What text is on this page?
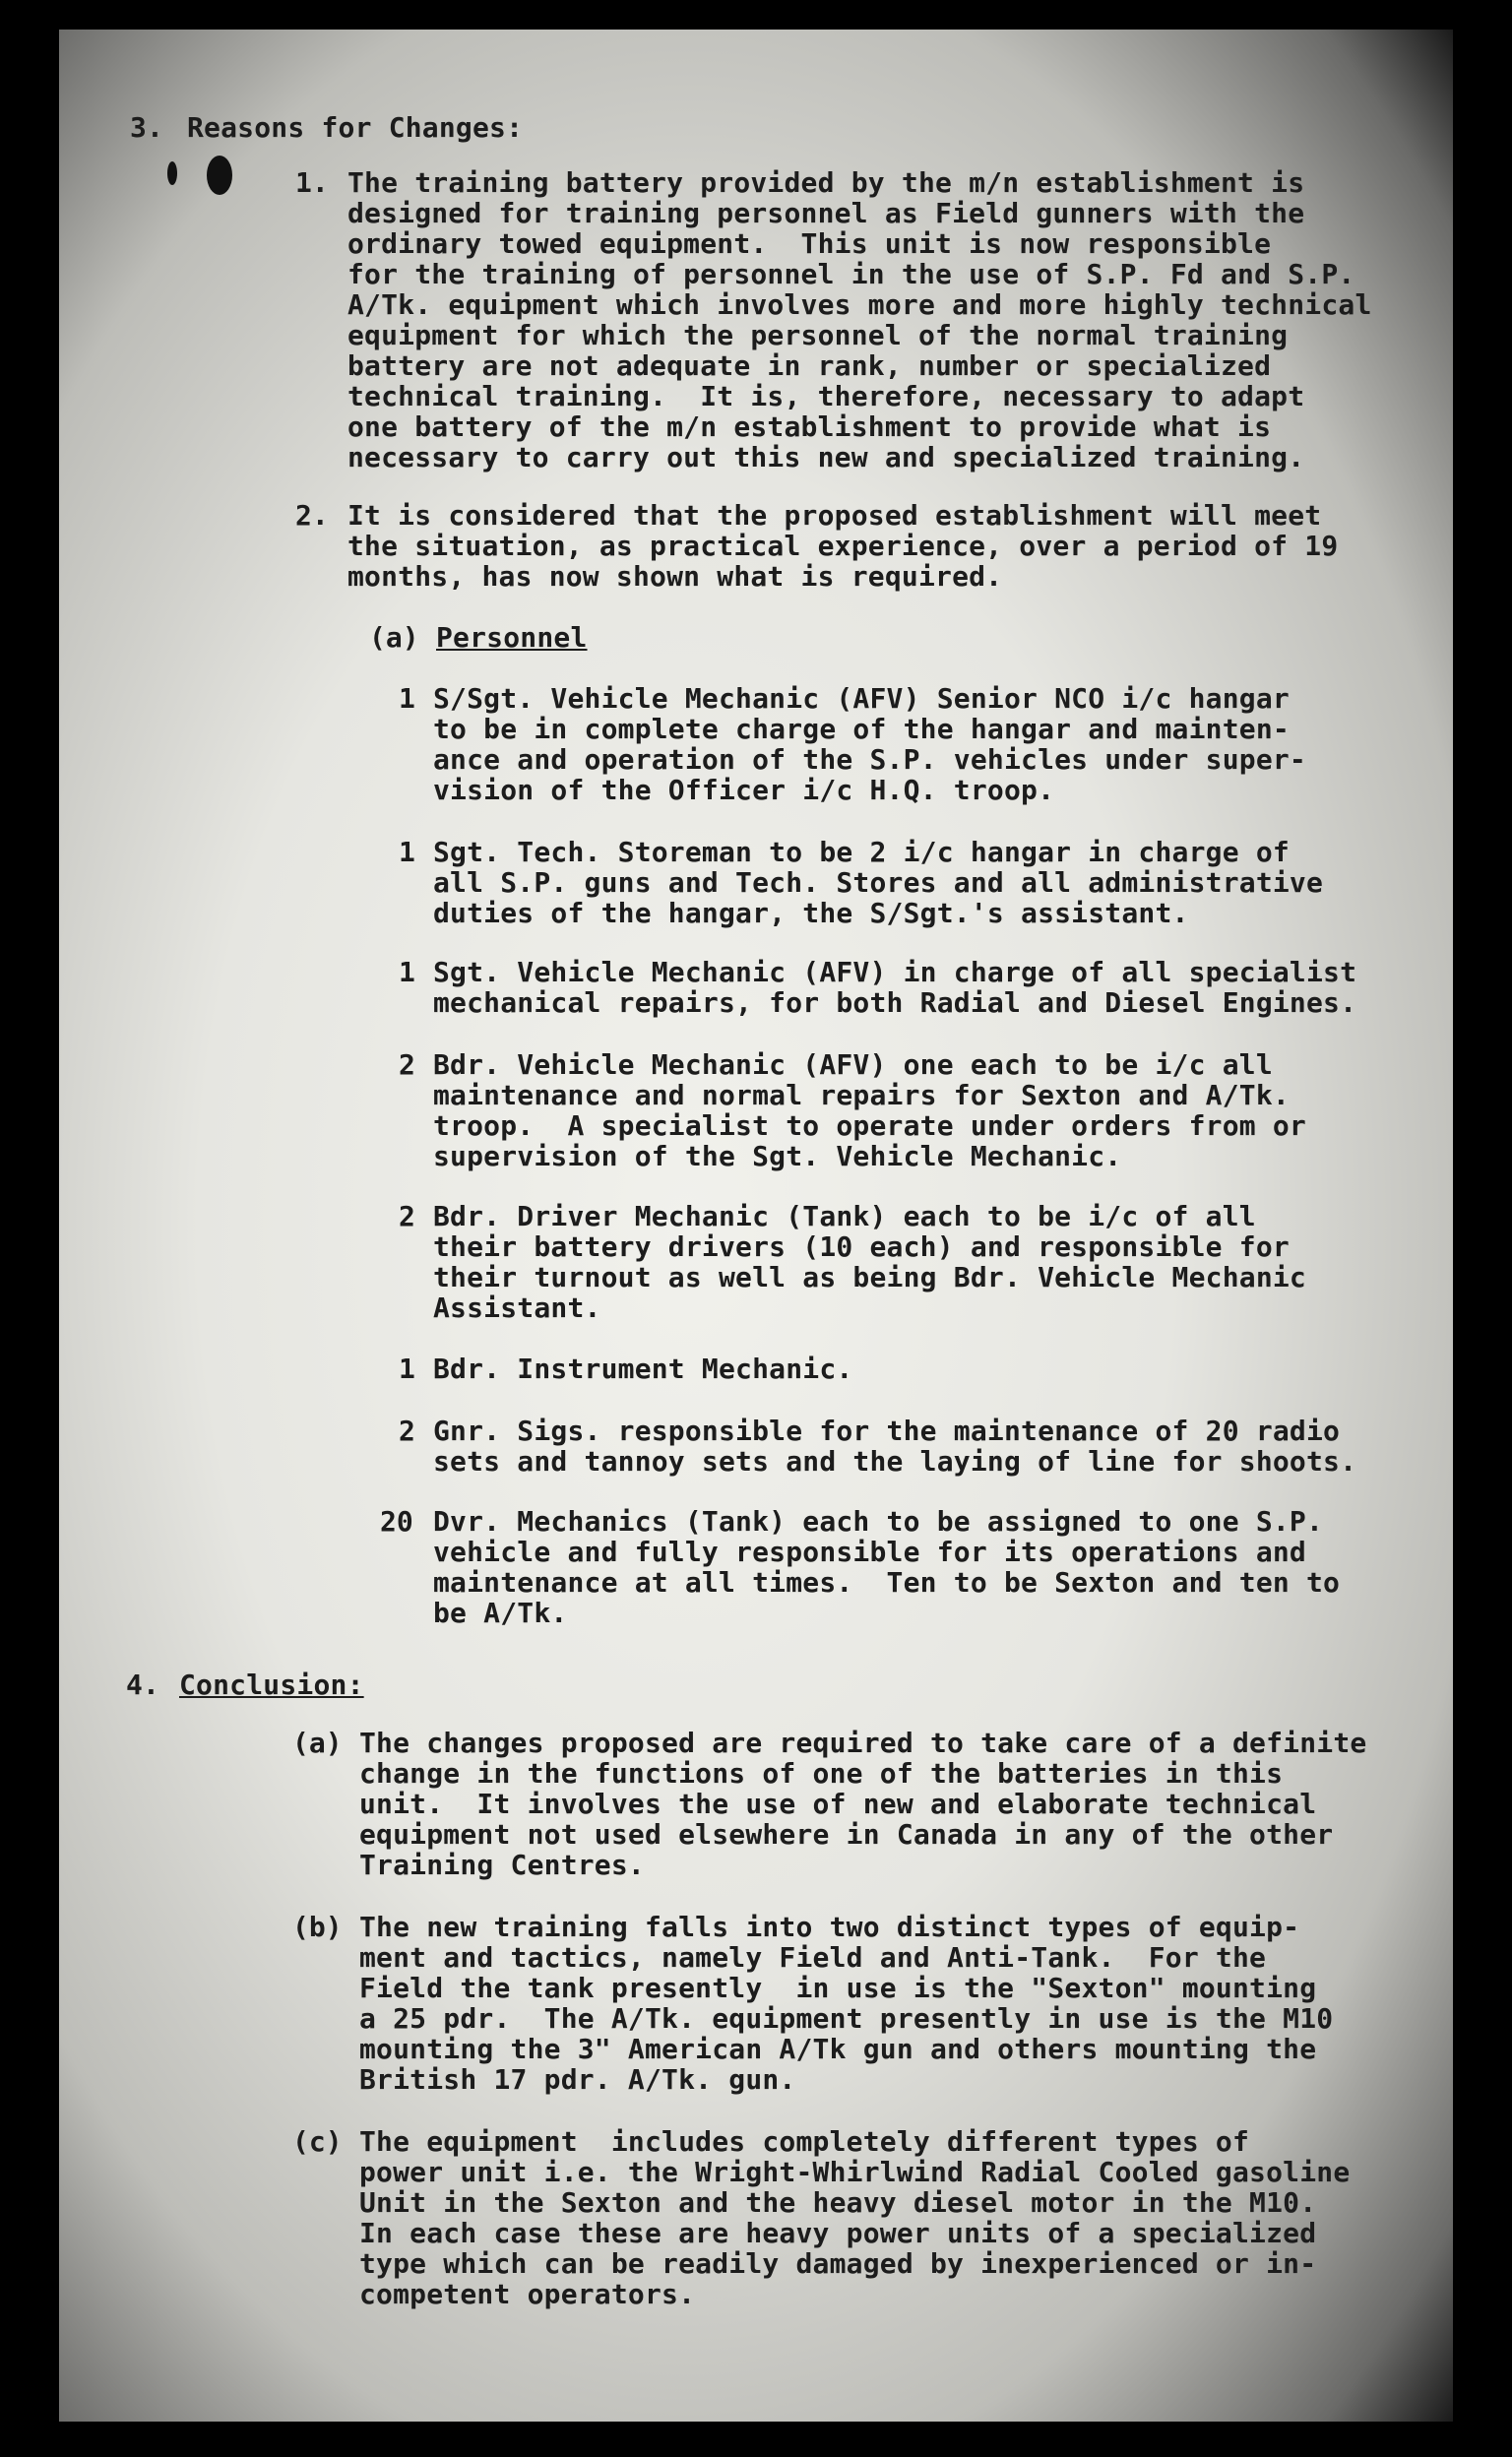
3. Reasons for Changes:
1. The training battery provided by the m/n establishment is
designed for training personnel as Field gunners with the
ordinary towed equipment.  This unit is now responsible
for the training of personnel in the use of S.P. Fd and S.P.
A/Tk. equipment which involves more and more highly technical
equipment for which the personnel of the normal training
battery are not adequate in rank, number or specialized
technical training.  It is, therefore, necessary to adapt
one battery of the m/n establishment to provide what is
necessary to carry out this new and specialized training.
2. It is considered that the proposed establishment will meet
the situation, as practical experience, over a period of 19
months, has now shown what is required.
(a) Personnel
1 S/Sgt. Vehicle Mechanic (AFV) Senior NCO i/c hangar
to be in complete charge of the hangar and mainten-
ance and operation of the S.P. vehicles under super-
vision of the Officer i/c H.Q. troop.
1 Sgt. Tech. Storeman to be 2 i/c hangar in charge of
all S.P. guns and Tech. Stores and all administrative
duties of the hangar, the S/Sgt.'s assistant.
1 Sgt. Vehicle Mechanic (AFV) in charge of all specialist
mechanical repairs, for both Radial and Diesel Engines.
2 Bdr. Vehicle Mechanic (AFV) one each to be i/c all
maintenance and normal repairs for Sexton and A/Tk.
troop.  A specialist to operate under orders from or
supervision of the Sgt. Vehicle Mechanic.
2 Bdr. Driver Mechanic (Tank) each to be i/c of all
their battery drivers (10 each) and responsible for
their turnout as well as being Bdr. Vehicle Mechanic
Assistant.
1 Bdr. Instrument Mechanic.
2 Gnr. Sigs. responsible for the maintenance of 20 radio
sets and tannoy sets and the laying of line for shoots.
20 Dvr. Mechanics (Tank) each to be assigned to one S.P.
vehicle and fully responsible for its operations and
maintenance at all times.  Ten to be Sexton and ten to
be A/Tk.
4. Conclusion:
(a) The changes proposed are required to take care of a definite
change in the functions of one of the batteries in this
unit.  It involves the use of new and elaborate technical
equipment not used elsewhere in Canada in any of the other
Training Centres.
(b) The new training falls into two distinct types of equip-
ment and tactics, namely Field and Anti-Tank.  For the
Field the tank presently  in use is the "Sexton" mounting
a 25 pdr.  The A/Tk. equipment presently in use is the M10
mounting the 3" American A/Tk gun and others mounting the
British 17 pdr. A/Tk. gun.
(c) The equipment  includes completely different types of
power unit i.e. the Wright-Whirlwind Radial Cooled gasoline
Unit in the Sexton and the heavy diesel motor in the M10.
In each case these are heavy power units of a specialized
type which can be readily damaged by inexperienced or in-
competent operators.
